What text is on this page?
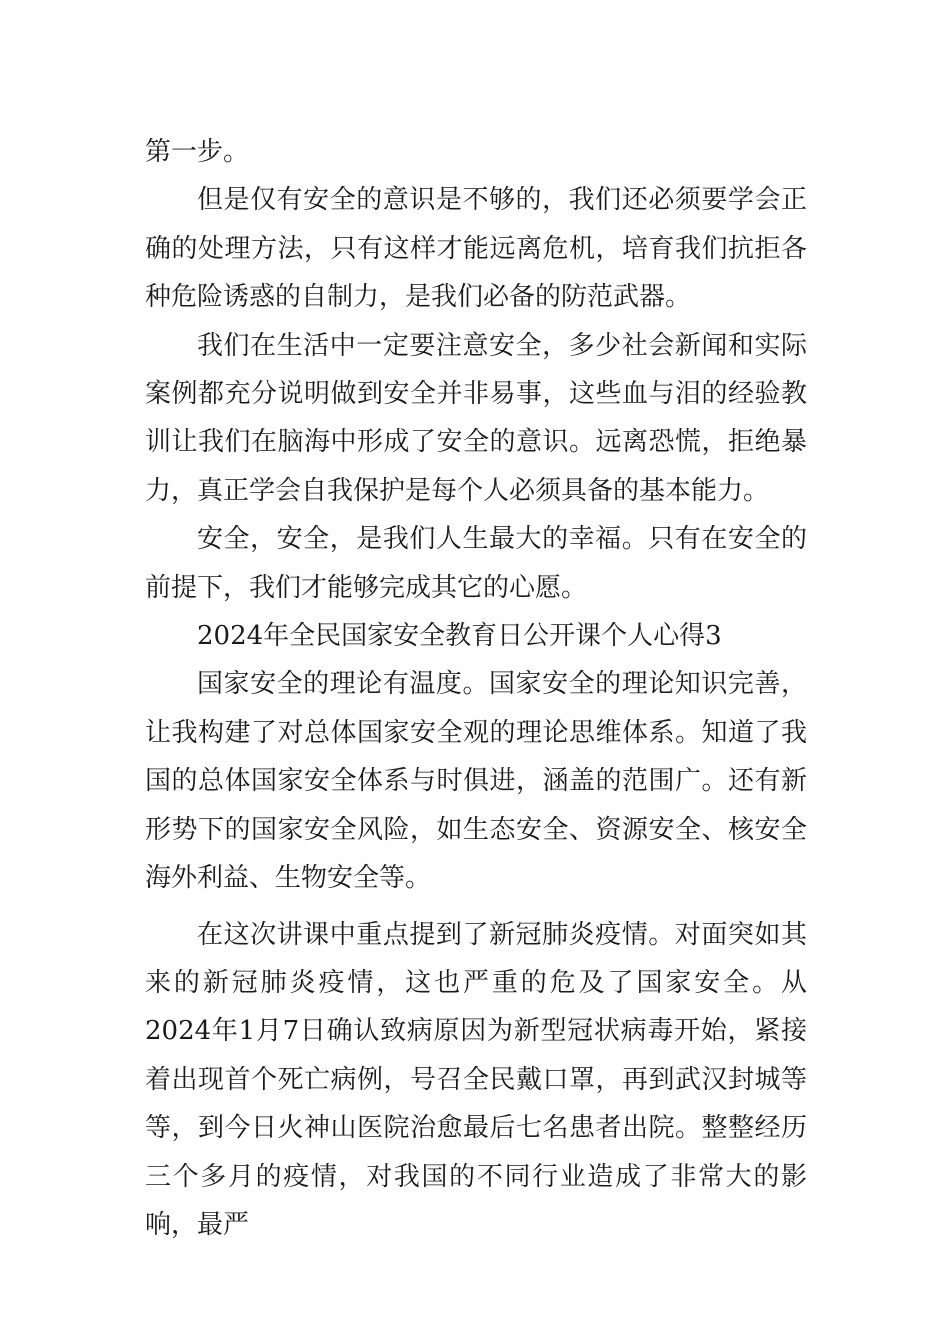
第一步。

但是仅有安全的意识是不够的，我们还必须要学会正确的处理方法，只有这样才能远离危机，培育我们抗拒各种危险诱惑的自制力，是我们必备的防范武器。

我们在生活中一定要注意安全，多少社会新闻和实际案例都充分说明做到安全并非易事，这些血与泪的经验教训让我们在脑海中形成了安全的意识。远离恐慌，拒绝暴力，真正学会自我保护是每个人必须具备的基本能力。

安全，安全，是我们人生最大的幸福。只有在安全的前提下，我们才能够完成其它的心愿。

2024年全民国家安全教育日公开课个人心得3

国家安全的理论有温度。国家安全的理论知识完善，让我构建了对总体国家安全观的理论思维体系。知道了我国的总体国家安全体系与时俱进，涵盖的范围广。还有新形势下的国家安全风险，如生态安全、资源安全、核安全海外利益、生物安全等。

在这次讲课中重点提到了新冠肺炎疫情。对面突如其来的新冠肺炎疫情，这也严重的危及了国家安全。从2024年1月7日确认致病原因为新型冠状病毒开始，紧接着出现首个死亡病例，号召全民戴口罩，再到武汉封城等等，到今日火神山医院治愈最后七名患者出院。整整经历三个多月的疫情，对我国的不同行业造成了非常大的影响，最严
